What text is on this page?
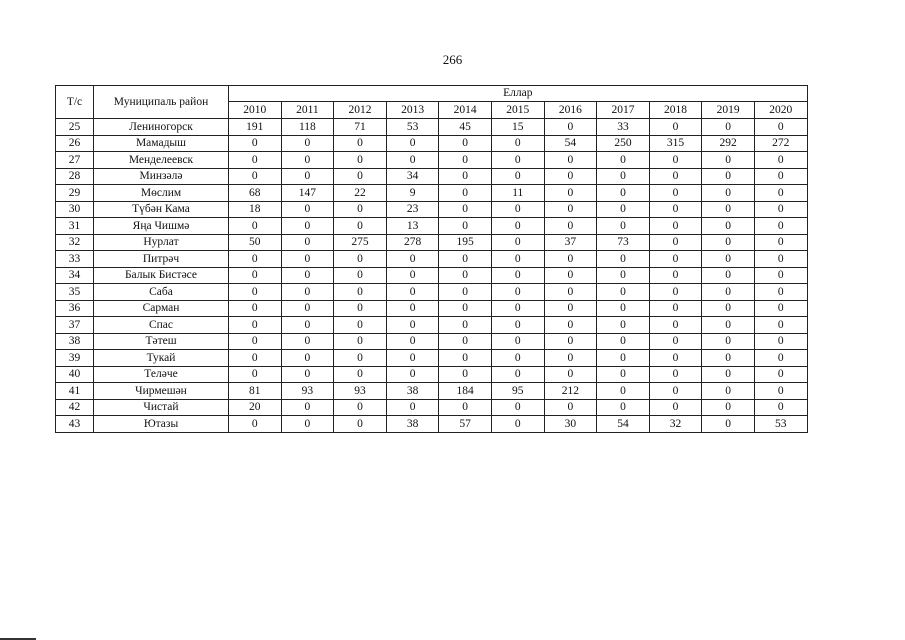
266
Т/с	Муниципаль район	Еллар										
		2010	2011	2012	2013	2014	2015	2016	2017	2018	2019	2020
25	Лениногорск	191	118	71	53	45	15	0	33	0	0	0
26	Мамадыш	0	0	0	0	0	0	54	250	315	292	272
27	Менделеевск	0	0	0	0	0	0	0	0	0	0	0
28	Минзәлә	0	0	0	34	0	0	0	0	0	0	0
29	Мөслим	68	147	22	9	0	11	0	0	0	0	0
30	Түбән Кама	18	0	0	23	0	0	0	0	0	0	0
31	Яңа Чишмә	0	0	0	13	0	0	0	0	0	0	0
32	Нурлат	50	0	275	278	195	0	37	73	0	0	0
33	Питрәч	0	0	0	0	0	0	0	0	0	0	0
34	Балык Бистәсе	0	0	0	0	0	0	0	0	0	0	0
35	Саба	0	0	0	0	0	0	0	0	0	0	0
36	Сарман	0	0	0	0	0	0	0	0	0	0	0
37	Спас	0	0	0	0	0	0	0	0	0	0	0
38	Тәтеш	0	0	0	0	0	0	0	0	0	0	0
39	Тукай	0	0	0	0	0	0	0	0	0	0	0
40	Теләче	0	0	0	0	0	0	0	0	0	0	0
41	Чирмешән	81	93	93	38	184	95	212	0	0	0	0
42	Чистай	20	0	0	0	0	0	0	0	0	0	0
43	Ютазы	0	0	0	38	57	0	30	54	32	0	53
